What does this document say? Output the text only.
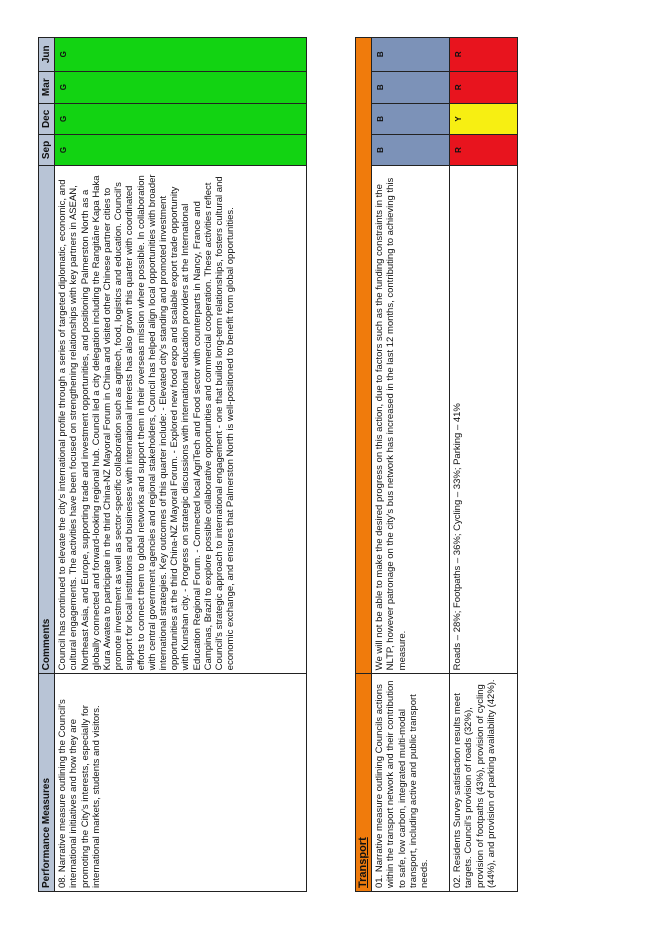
Performance Measures	Comments	Sep	Dec	Mar	Jun
08. Narrative measure outlining the Council's international initiatives and how they are promoting the City's interests, especially for international markets, students and visitors.	Council has continued to elevate the city's international profile through a series of targeted diplomatic, economic, and cultural engagements. The activities have been focused on strengthening relationships with key partners in ASEAN, Northeast Asia, and Europe, supporting trade and investment opportunities, and positioning Palmerston North as a globally connected and forward-looking regional hub. Council led a city delegation including the Rangitāne Kapa Haka Kura Awatea to participate in the third China-NZ Mayoral Forum in China and visited other Chinese partner cities to promote investment as well as sector-specific collaboration such as agritech, food, logistics and education. Council's support for local institutions and businesses with international interests has also grown this quarter with coordinated efforts to connect them to global networks and support them in their overseas mission where possible. In collaboration with central government agencies and regional stakeholders, Council has helped align local opportunities with broader international strategies. Key outcomes of this quarter include: - Elevated city's standing and promoted investment opportunities at the third China-NZ Mayoral Forum. - Explored new food expo and scalable export trade opportunity with Kunshan city. - Progress on strategic discussions with international education providers at the International Education Regional Forum. - Connected local AgriTech and Food sector with counterparts in Nancy, France and Campinas, Brazil to explore possible collaborative opportunities and commercial cooperation. These activities reflect Council's strategic approach to international engagement - one that builds long-term relationships, fosters cultural and economic exchange, and ensures that Palmerston North is well-positioned to benefit from global opportunities.	G	G	G	G
Transport					

01. Narrative measure outlining Councils actions within the transport network and their contribution to safe, low carbon, integrated multi-modal transport, including active and public transport needs.	We will not be able to make the desired progress on this action, due to factors such as the funding constraints in the NLTP, however patronage on the city's bus network has increased in the last 12 months, contributing to achieving this measure.	B	B	B	B
02. Residents Survey satisfaction results meet targets. Council's provision of roads (32%), provision of footpaths (43%), provision of cycling (44%), and provision of parking availability (42%).	Roads – 28%; Footpaths – 36%; Cycling – 33%; Parking – 41%	R	Y	R	R
